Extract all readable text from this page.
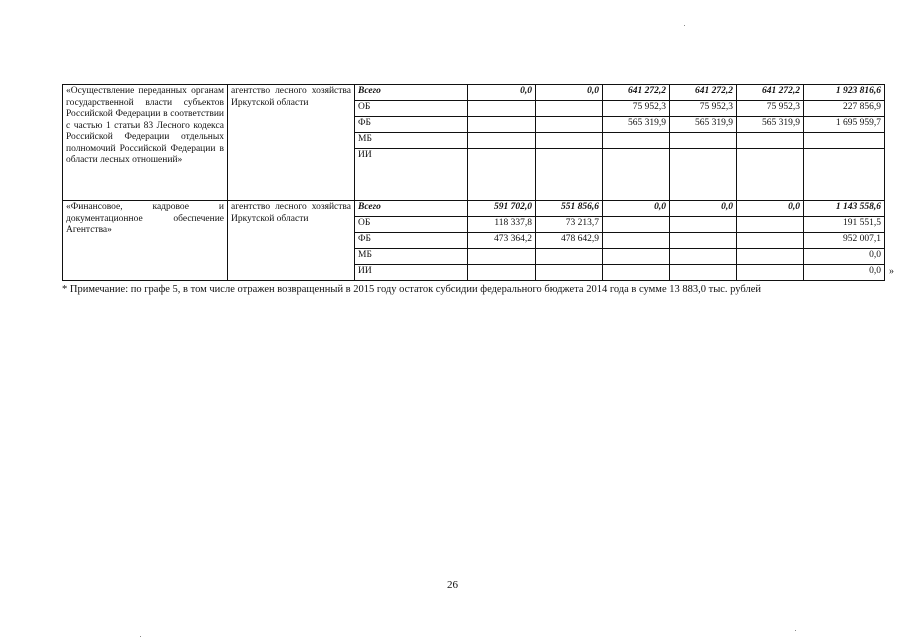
«Осуществление переданных органам государственной власти субъектов Российской Федерации в соответствии с частью 1 статьи 83 Лесного кодекса Российской Федерации отдельных полномочий Российской Федерации в области лесных отношений»	агентство лесного хозяйства Иркутской области	Всего	0,0	0,0	641 272,2	641 272,2	641 272,2	1 923 816,6
		ОБ			75 952,3	75 952,3	75 952,3	227 856,9
		ФБ			565 319,9	565 319,9	565 319,9	1 695 959,7
		МБ						
		ИИ						
«Финансовое, кадровое и документационное обеспечение Агентства»	агентство лесного хозяйства Иркутской области	Всего	591 702,0	551 856,6	0,0	0,0	0,0	1 143 558,6
		ОБ	118 337,8	73 213,7				191 551,5
		ФБ	473 364,2	478 642,9				952 007,1
		МБ						0,0
		ИИ						0,0 »
* Примечание: по графе 5, в том числе отражен возвращенный в 2015 году остаток субсидии федерального бюджета 2014 года в сумме 13 883,0 тыс. рублей
26
